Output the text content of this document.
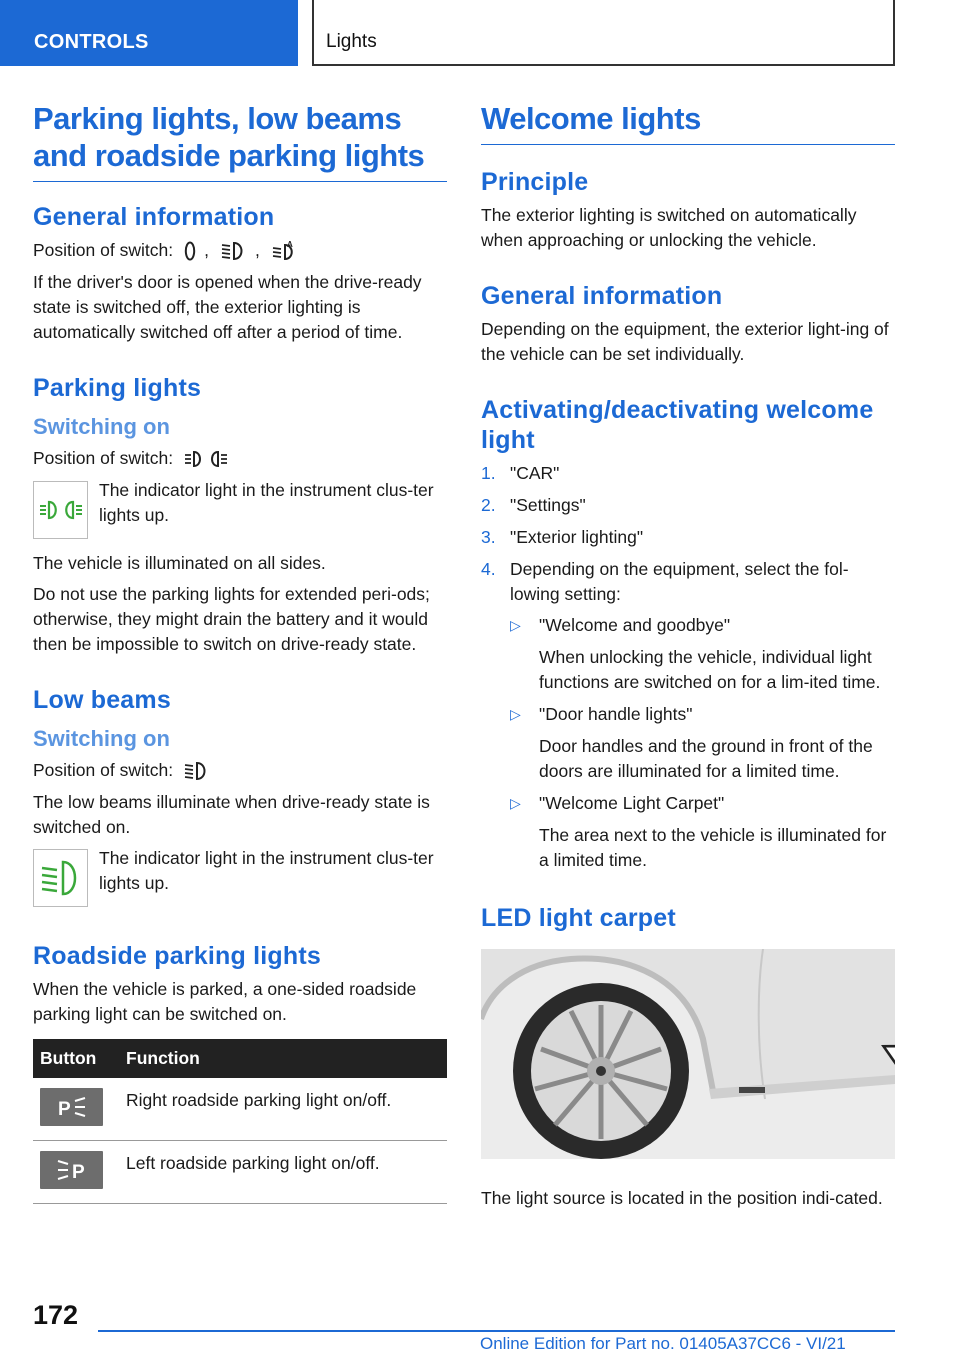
CONTROLS	Lights
Parking lights, low beams and roadside parking lights
General information
Position of switch: ,	,	A

If the driver's door is opened when the drive-ready state is switched off, the exterior lighting is automatically switched off after a period of time.

Parking lights
Switching on
Position of switch:

The indicator light in the instrument clus-ter lights up.

The vehicle is illuminated on all sides.

Do not use the parking lights for extended peri-ods; otherwise, they might drain the battery and it would then be impossible to switch on drive-ready state.

Low beams
Switching on
Position of switch:

The low beams illuminate when drive-ready state is switched on.

The indicator light in the instrument clus-ter lights up.

Roadside parking lights

When the vehicle is parked, a one-sided roadside parking light can be switched on.

Button	Function

P	Right roadside parking light on/off.

P	Left roadside parking light on/off.
Welcome lights
Principle

The exterior lighting is switched on automatically when approaching or unlocking the vehicle.

General information

Depending on the equipment, the exterior light-ing of the vehicle can be set individually.

Activating/deactivating welcome light
1. "CAR"
2. "Settings"
3. "Exterior lighting"
4. Depending on the equipment, select the fol-lowing setting:
▷	"Welcome and goodbye"
When unlocking the vehicle, individual light functions are switched on for a lim-ited time.
▷	"Door handle lights"
Door handles and the ground in front of the doors are illuminated for a limited time.
▷	"Welcome Light Carpet"
The area next to the vehicle is illuminated for a limited time.
LED light carpet

The light source is located in the position indi-cated.

172
Online Edition for Part no. 01405A37CC6 - VI/21
